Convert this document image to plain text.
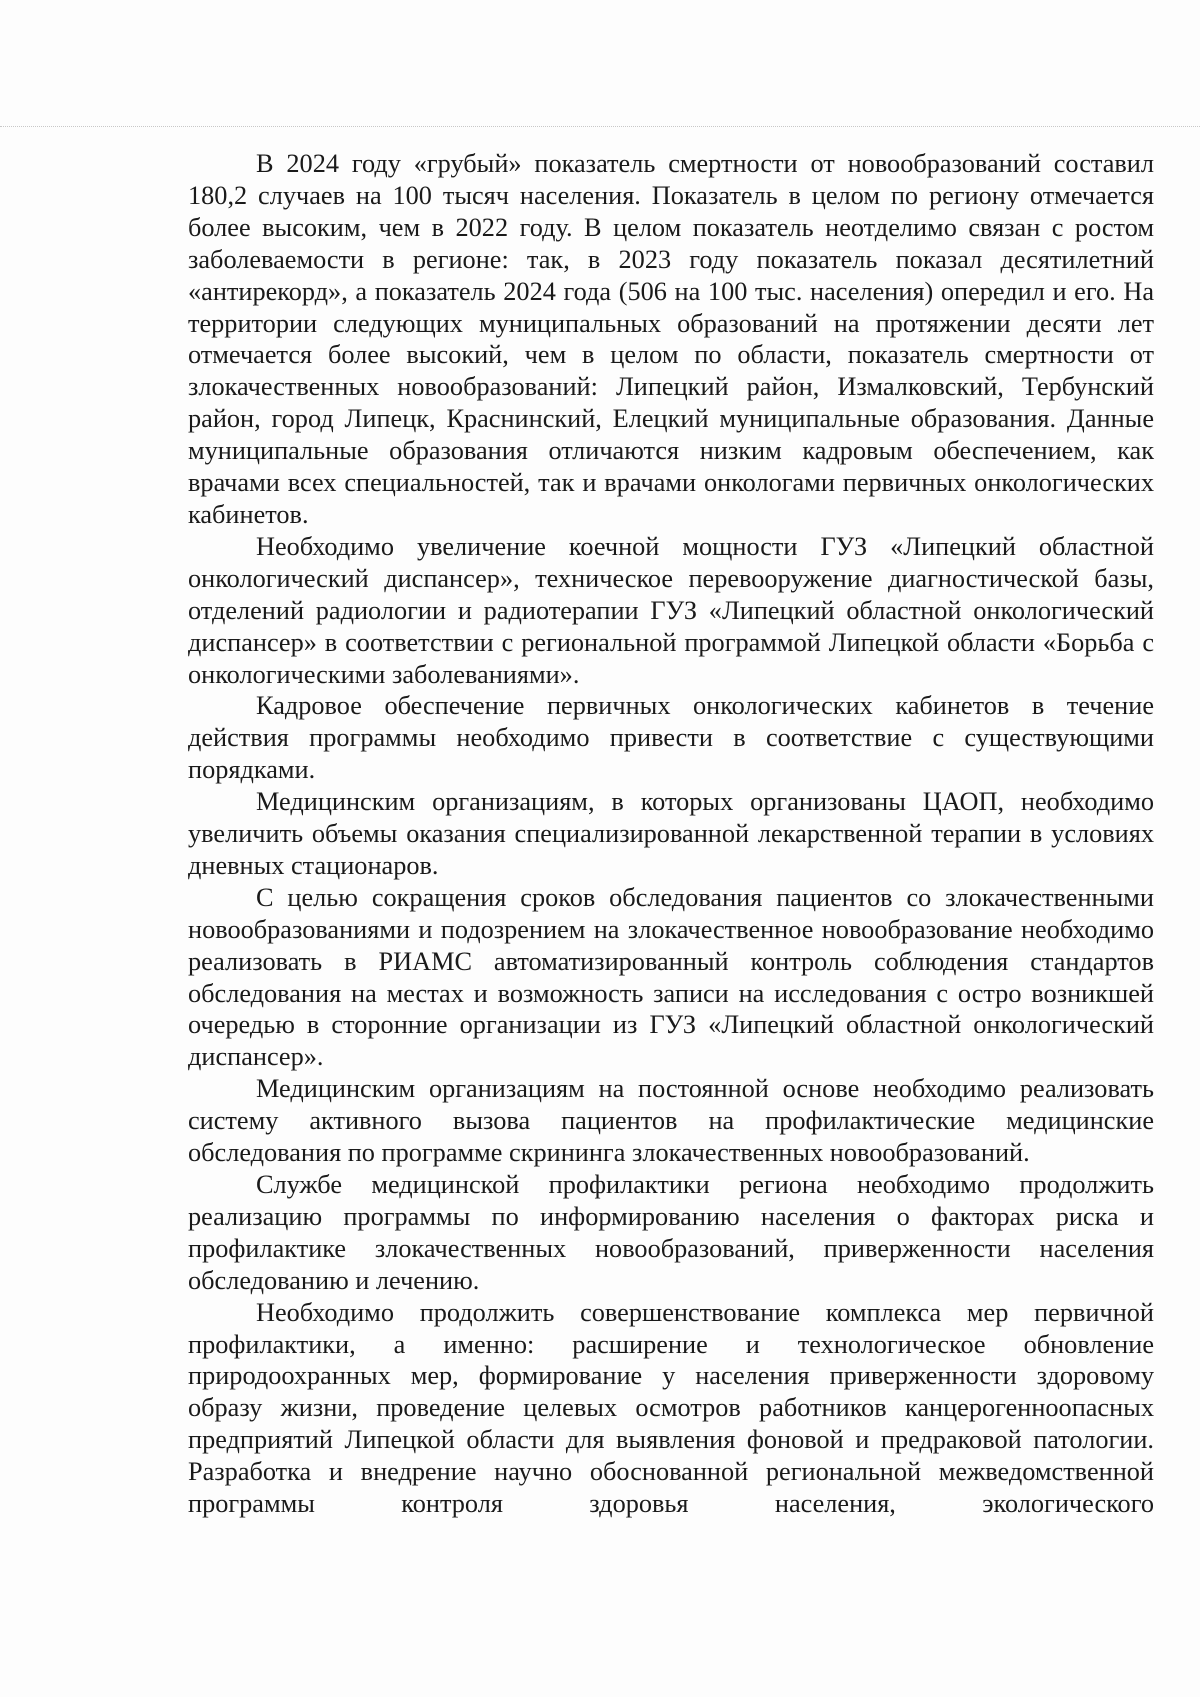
В 2024 году «грубый» показатель смертности от новообразований составил 180,2 случаев на 100 тысяч населения. Показатель в целом по региону отмечается более высоким, чем в 2022 году. В целом показатель неотделимо связан с ростом заболеваемости в регионе: так, в 2023 году показатель показал десятилетний «антирекорд», а показатель 2024 года (506 на 100 тыс. населения) опередил и его. На территории следующих муниципальных образований на протяжении десяти лет отмечается более высокий, чем в целом по области, показатель смертности от злокачественных новообразований: Липецкий район, Измалковский, Тербунский район, город Липецк, Краснинский, Елецкий муниципальные образования. Данные муниципальные образования отличаются низким кадровым обеспечением, как врачами всех специальностей, так и врачами онкологами первичных онкологических кабинетов.

Необходимо увеличение коечной мощности ГУЗ «Липецкий областной онкологический диспансер», техническое перевооружение диагностической базы, отделений радиологии и радиотерапии ГУЗ «Липецкий областной онкологический диспансер» в соответствии с региональной программой Липецкой области «Борьба с онкологическими заболеваниями».

Кадровое обеспечение первичных онкологических кабинетов в течение действия программы необходимо привести в соответствие с существующими порядками.

Медицинским организациям, в которых организованы ЦАОП, необходимо увеличить объемы оказания специализированной лекарственной терапии в условиях дневных стационаров.

С целью сокращения сроков обследования пациентов со злокачественными новообразованиями и подозрением на злокачественное новообразование необходимо реализовать в РИАМС автоматизированный контроль соблюдения стандартов обследования на местах и возможность записи на исследования с остро возникшей очередью в сторонние организации из ГУЗ «Липецкий областной онкологический диспансер».

Медицинским организациям на постоянной основе необходимо реализовать систему активного вызова пациентов на профилактические медицинские обследования по программе скрининга злокачественных новообразований.

Службе медицинской профилактики региона необходимо продолжить реализацию программы по информированию населения о факторах риска и профилактике злокачественных новообразований, приверженности населения обследованию и лечению.

Необходимо продолжить совершенствование комплекса мер первичной профилактики, а именно: расширение и технологическое обновление природоохранных мер, формирование у населения приверженности здоровому образу жизни, проведение целевых осмотров работников канцерогенноопасных предприятий Липецкой области для выявления фоновой и предраковой патологии. Разработка и внедрение научно обоснованной региональной межведомственной программы контроля здоровья населения, экологического
